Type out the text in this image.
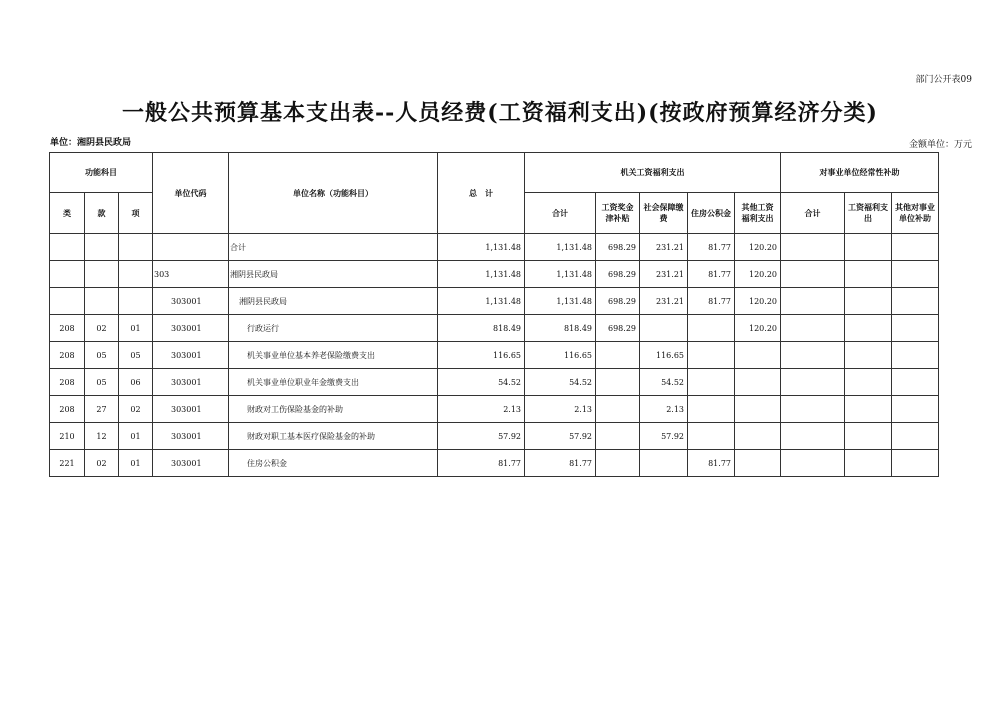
部门公开表09
一般公共预算基本支出表--人员经费(工资福利支出)(按政府预算经济分类)
单位：湘阴县民政局	金额单位：万元
功能科目			单位代码	单位名称（功能科目）	总　计	机关工资福利支出					对事业单位经常性补助		
类	款	项				合计	工资奖金津补贴	社会保障缴费	住房公积金	其他工资福利支出	合计	工资福利支出	其他对事业单位补助
				合计	1,131.48	1,131.48	698.29	231.21	81.77	120.20			
			303	湘阴县民政局	1,131.48	1,131.48	698.29	231.21	81.77	120.20			
			303001	湘阴县民政局	1,131.48	1,131.48	698.29	231.21	81.77	120.20			
208	02	01	303001	行政运行	818.49	818.49	698.29			120.20			
208	05	05	303001	机关事业单位基本养老保险缴费支出	116.65	116.65		116.65					
208	05	06	303001	机关事业单位职业年金缴费支出	54.52	54.52		54.52					
208	27	02	303001	财政对工伤保险基金的补助	2.13	2.13		2.13					
210	12	01	303001	财政对职工基本医疗保险基金的补助	57.92	57.92		57.92					
221	02	01	303001	住房公积金	81.77	81.77			81.77				
